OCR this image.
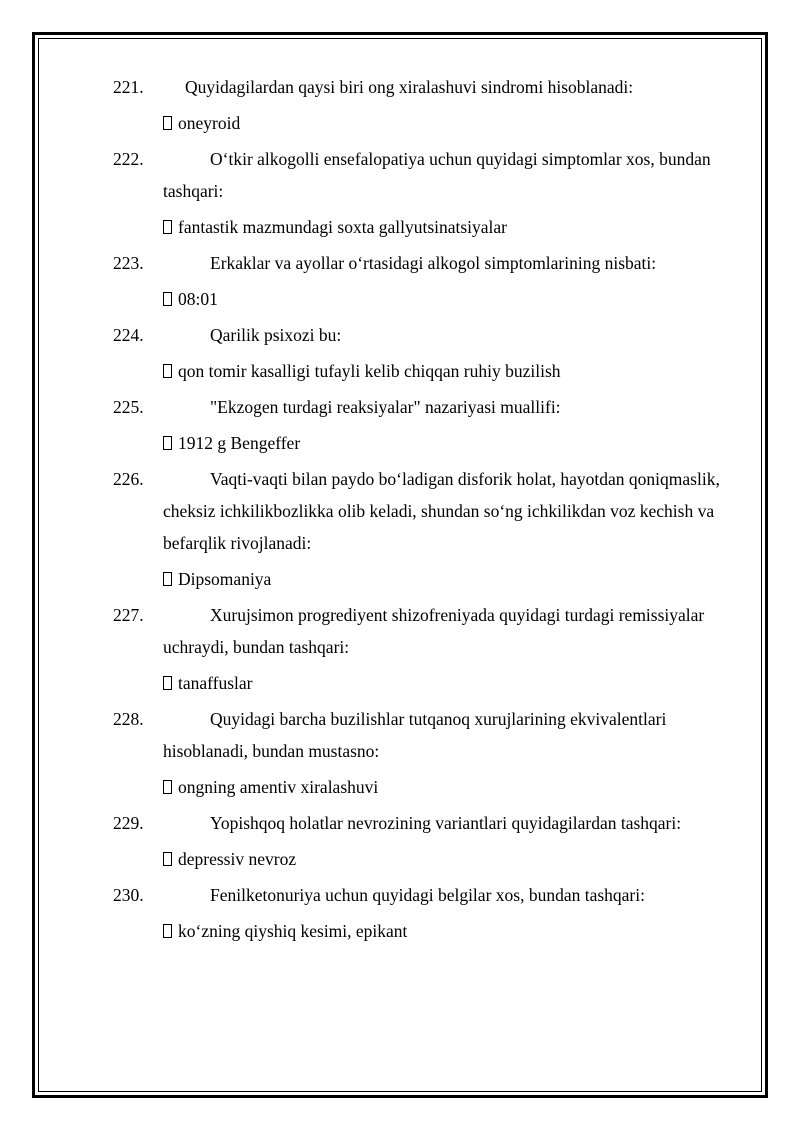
221.	Quyidagilardan qaysi biri ong xiralashuvi sindromi hisoblanadi:
oneyroid
222.	O‘tkir alkogolli ensefalopatiya uchun quyidagi simptomlar xos, bundan tashqari:
fantastik mazmundagi soxta gallyutsinatsiyalar
223.	Erkaklar va ayollar o‘rtasidagi alkogol simptomlarining nisbati:
08:01
224.	Qarilik psixozi bu:
qon tomir kasalligi tufayli kelib chiqqan ruhiy buzilish
225.	"Ekzogen turdagi reaksiyalar" nazariyasi muallifi:
1912 g Bengeffer
226.	Vaqti-vaqti bilan paydo bo‘ladigan disforik holat, hayotdan qoniqmaslik, cheksiz ichkilikbozlikka olib keladi, shundan so‘ng ichkilikdan voz kechish va befarqlik rivojlanadi:
Dipsomaniya
227.	Xurujsimon progrediyent shizofreniyada quyidagi turdagi remissiyalar uchraydi, bundan tashqari:
tanaffuslar
228.	Quyidagi barcha buzilishlar tutqanoq xurujlarining ekvivalentlari hisoblanadi, bundan mustasno:
ongning amentiv xiralashuvi
229.	Yopishqoq holatlar nevrozining variantlari quyidagilardan tashqari:
depressiv nevroz
230.	Fenilketonuriya uchun quyidagi belgilar xos, bundan tashqari:
ko‘zning qiyshiq kesimi, epikant
